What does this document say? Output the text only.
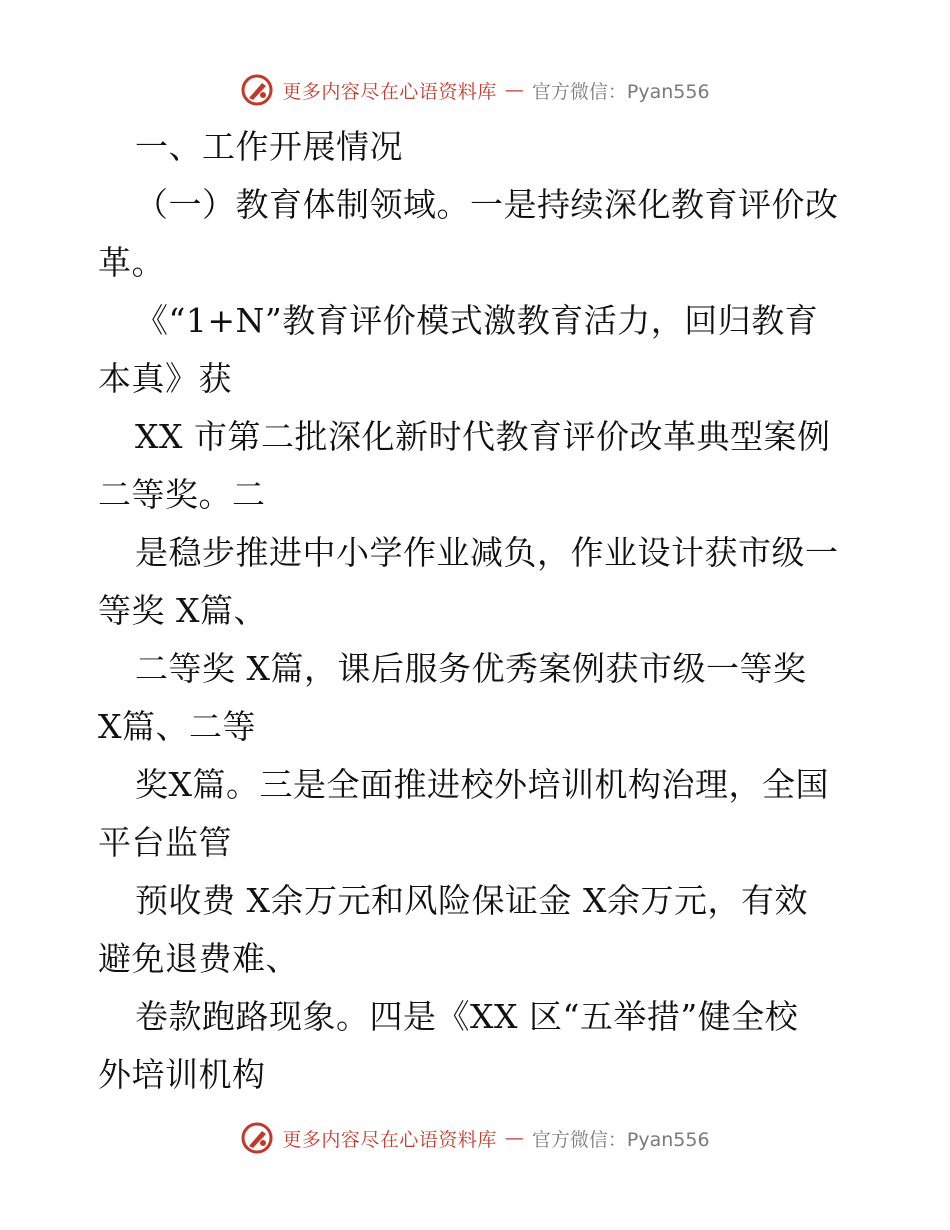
更多内容尽在心语资料库 — 官方微信：Pyan556
一、工作开展情况
（一）教育体制领域。一是持续深化教育评价改
革。
《“1+N”教育评价模式激教育活力，回归教育
本真》获
XX 市第二批深化新时代教育评价改革典型案例
二等奖。二
是稳步推进中小学作业减负，作业设计获市级一
等奖 X篇、
二等奖 X篇，课后服务优秀案例获市级一等奖
X篇、二等
奖X篇。三是全面推进校外培训机构治理，全国
平台监管
预收费 X余万元和风险保证金 X余万元，有效
避免退费难、
卷款跑路现象。四是《XX 区“五举措”健全校
外培训机构
更多内容尽在心语资料库 — 官方微信：Pyan556
